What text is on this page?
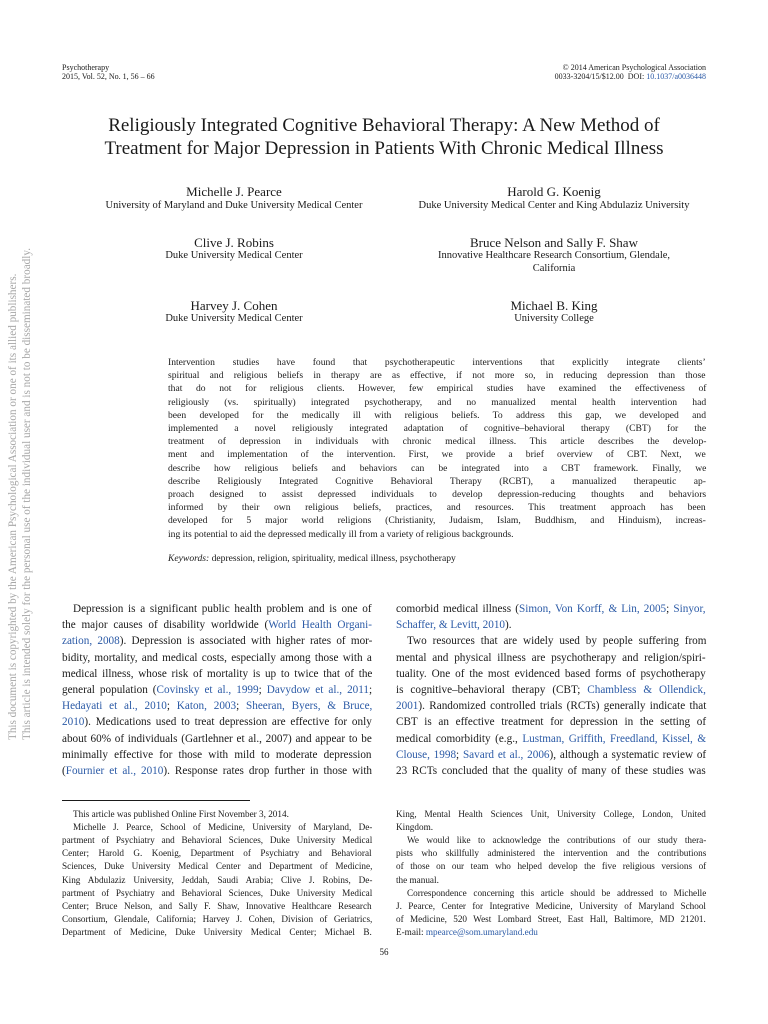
Psychotherapy
2015, Vol. 52, No. 1, 56 – 66
© 2014 American Psychological Association
0033-3204/15/$12.00 DOI: 10.1037/a0036448
This document is copyrighted by the American Psychological Association or one of its allied publishers. This article is intended solely for the personal use of the individual user and is not to be disseminated broadly.
Religiously Integrated Cognitive Behavioral Therapy: A New Method of
Treatment for Major Depression in Patients With Chronic Medical Illness
Michelle J. Pearce
University of Maryland and Duke University Medical Center
Harold G. Koenig
Duke University Medical Center and King Abdulaziz University
Clive J. Robins
Duke University Medical Center
Bruce Nelson and Sally F. Shaw
Innovative Healthcare Research Consortium, Glendale,
California
Harvey J. Cohen
Duke University Medical Center
Michael B. King
University College
Intervention studies have found that psychotherapeutic interventions that explicitly integrate clients’
spiritual and religious beliefs in therapy are as effective, if not more so, in reducing depression than those
that do not for religious clients. However, few empirical studies have examined the effectiveness of
religiously (vs. spiritually) integrated psychotherapy, and no manualized mental health intervention had
been developed for the medically ill with religious beliefs. To address this gap, we developed and
implemented a novel religiously integrated adaptation of cognitive–behavioral therapy (CBT) for the
treatment of depression in individuals with chronic medical illness. This article describes the develop-
ment and implementation of the intervention. First, we provide a brief overview of CBT. Next, we
describe how religious beliefs and behaviors can be integrated into a CBT framework. Finally, we
describe Religiously Integrated Cognitive Behavioral Therapy (RCBT), a manualized therapeutic ap-
proach designed to assist depressed individuals to develop depression-reducing thoughts and behaviors
informed by their own religious beliefs, practices, and resources. This treatment approach has been
developed for 5 major world religions (Christianity, Judaism, Islam, Buddhism, and Hinduism), increas-
ing its potential to aid the depressed medically ill from a variety of religious backgrounds.
Keywords: depression, religion, spirituality, medical illness, psychotherapy
Depression is a significant public health problem and is one of
the major causes of disability worldwide (World Health Organi-
zation, 2008). Depression is associated with higher rates of mor-
bidity, mortality, and medical costs, especially among those with a
medical illness, whose risk of mortality is up to twice that of the
general population (Covinsky et al., 1999; Davydow et al., 2011;
Hedayati et al., 2010; Katon, 2003; Sheeran, Byers, & Bruce,
2010). Medications used to treat depression are effective for only
about 60% of individuals (Gartlehner et al., 2007) and appear to be
minimally effective for those with mild to moderate depression
(Fournier et al., 2010). Response rates drop further in those with
comorbid medical illness (Simon, Von Korff, & Lin, 2005; Sinyor,
Schaffer, & Levitt, 2010).
Two resources that are widely used by people suffering from
mental and physical illness are psychotherapy and religion/spiri-
tuality. One of the most evidenced based forms of psychotherapy
is cognitive–behavioral therapy (CBT; Chambless & Ollendick,
2001). Randomized controlled trials (RCTs) generally indicate that
CBT is an effective treatment for depression in the setting of
medical comorbidity (e.g., Lustman, Griffith, Freedland, Kissel, &
Clouse, 1998; Savard et al., 2006), although a systematic review of
23 RCTs concluded that the quality of many of these studies was
This article was published Online First November 3, 2014.
Michelle J. Pearce, School of Medicine, University of Maryland, De-
partment of Psychiatry and Behavioral Sciences, Duke University Medical
Center; Harold G. Koenig, Department of Psychiatry and Behavioral
Sciences, Duke University Medical Center and Department of Medicine,
King Abdulaziz University, Jeddah, Saudi Arabia; Clive J. Robins, De-
partment of Psychiatry and Behavioral Sciences, Duke University Medical
Center; Bruce Nelson, and Sally F. Shaw, Innovative Healthcare Research
Consortium, Glendale, California; Harvey J. Cohen, Division of Geriatrics,
Department of Medicine, Duke University Medical Center; Michael B.
King, Mental Health Sciences Unit, University College, London, United
Kingdom.
We would like to acknowledge the contributions of our study thera-
pists who skillfully administered the intervention and the contributions
of those on our team who helped develop the five religious versions of
the manual.
Correspondence concerning this article should be addressed to Michelle
J. Pearce, Center for Integrative Medicine, University of Maryland School
of Medicine, 520 West Lombard Street, East Hall, Baltimore, MD 21201.
E-mail: mpearce@som.umaryland.edu
56
